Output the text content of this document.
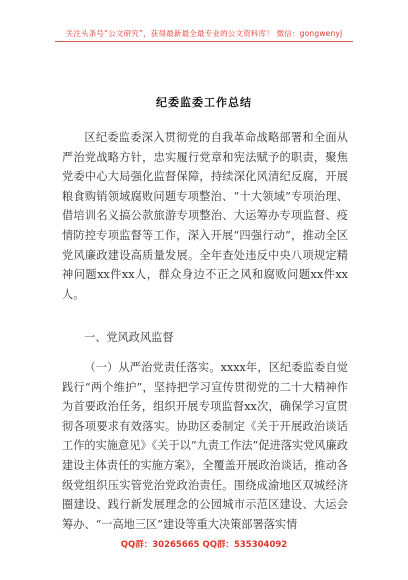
关注头条号“公文研究”，获得最新最全最专业的公文资料库！ 微信：gongwenyj
纪委监委工作总结
区纪委监委深入贯彻党的自我革命战略部署和全面从严治党战略方针，忠实履行党章和宪法赋予的职责，聚焦党委中心大局强化监督保障，持续深化风清纪反腐，开展粮食购销领域腐败问题专项整治、“十大领域”专项治理、借培训名义搞公款旅游专项整治、大运筹办专项监督、疫情防控专项监督等工作，深入开展“四强行动”，推动全区党风廉政建设高质量发展。全年查处违反中央八项规定精神问题xx件xx人，群众身边不正之风和腐败问题xx件xx人。
一、党风政风监督
（一）从严治党责任落实。xxxx年，区纪委监委自觉践行“两个维护”，坚持把学习宣传贯彻党的二十大精神作为首要政治任务，组织开展专项监督xx次，确保学习宣贯彻各项要求有效落实。协助区委制定《关于开展政治谈话工作的实施意见》《关于以“九责工作法”促进落实党风廉政建设主体责任的实施方案》，全覆盖开展政治谈话，推动各级党组织压实管党治党政治责任。围绕成渝地区双城经济圈建设、践行新发展理念的公园城市示范区建设、大运会筹办、“一高地三区”建设等重大决策部署落实情
QQ群：30265665 QQ群：535304092
